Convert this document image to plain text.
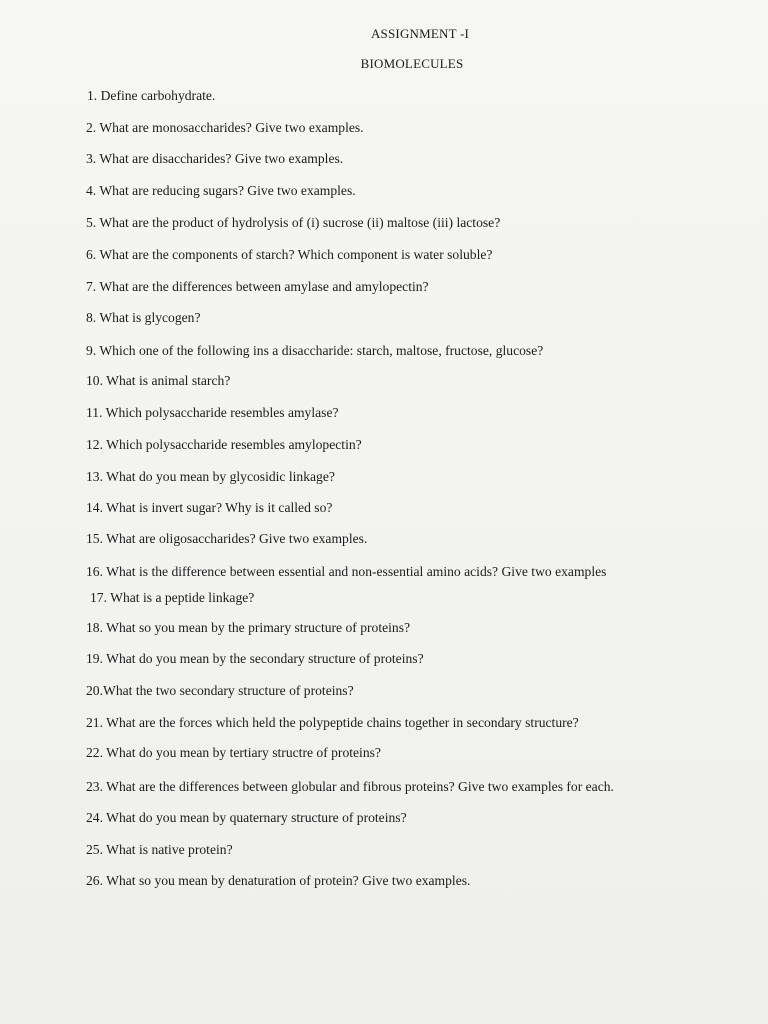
ASSIGNMENT -I
BIOMOLECULES
1. Define carbohydrate.
2. What are monosaccharides? Give two examples.
3. What are disaccharides? Give two examples.
4. What are reducing sugars? Give two examples.
5. What are the product of hydrolysis of (i) sucrose (ii) maltose (iii) lactose?
6. What are the components of starch? Which component is water soluble?
7. What are the differences between amylase and amylopectin?
8. What is glycogen?
9. Which one of the following ins a disaccharide: starch, maltose, fructose, glucose?
10. What is animal starch?
11. Which polysaccharide resembles amylase?
12. Which polysaccharide resembles amylopectin?
13. What do you mean by glycosidic linkage?
14. What is invert sugar? Why is it called so?
15. What are oligosaccharides? Give two examples.
16. What is the difference between essential and non-essential amino acids? Give two examples
17. What is a peptide linkage?
18. What so you mean by the primary structure of proteins?
19. What do you mean by the secondary structure of proteins?
20.What the two secondary structure of proteins?
21. What are the forces which held the polypeptide chains together in secondary structure?
22. What do you mean by tertiary structre of proteins?
23. What are the differences between globular and fibrous proteins? Give two examples for each.
24. What do you mean by quaternary structure of proteins?
25. What is native protein?
26. What so you mean by denaturation of protein? Give two examples.
